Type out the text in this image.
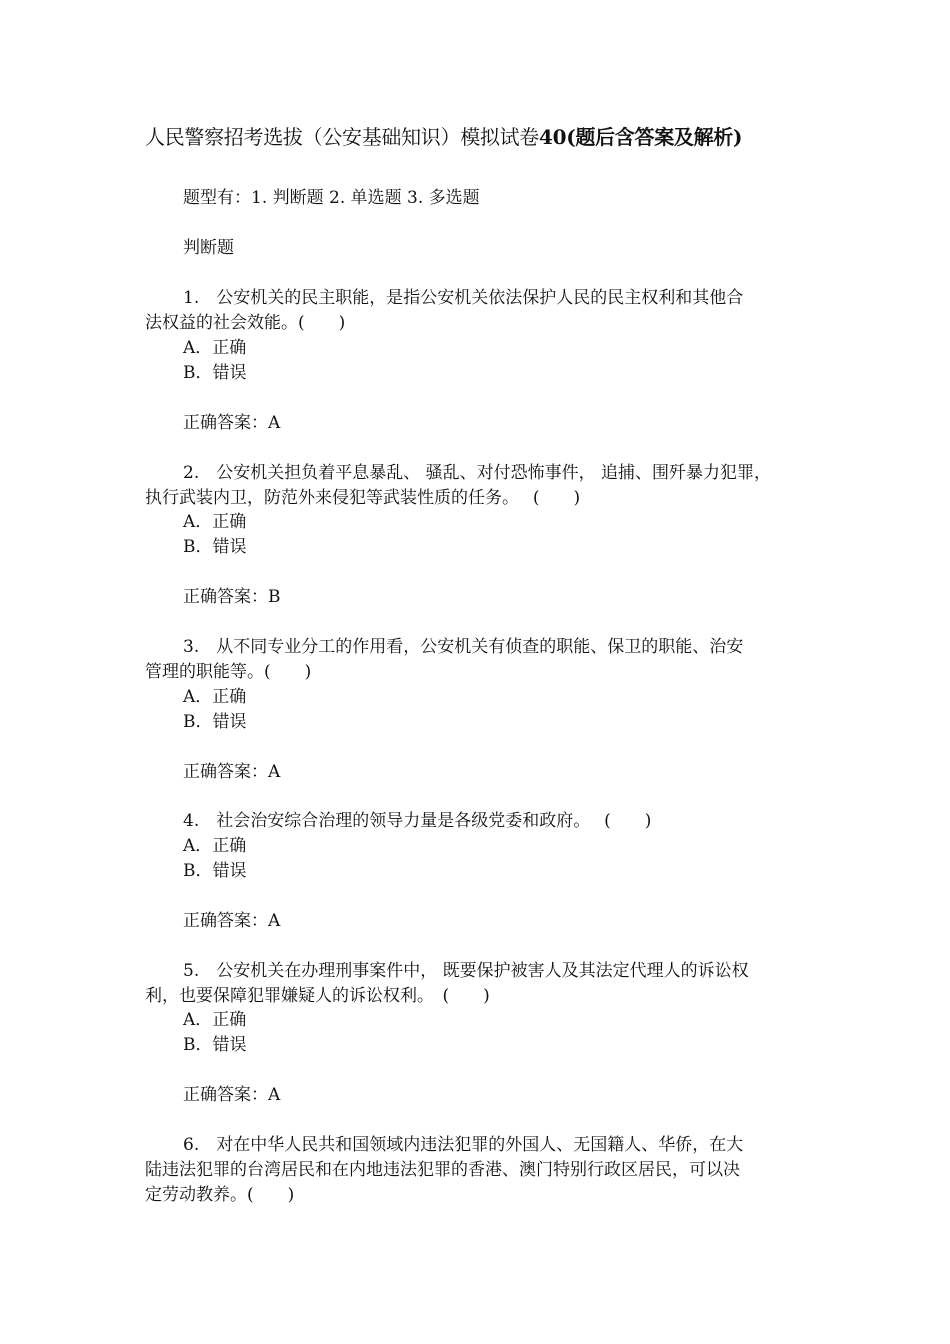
人民警察招考选拔（公安基础知识）模拟试卷40(题后含答案及解析)
题型有：1. 判断题 2. 单选题 3. 多选题
判断题
1.　公安机关的民主职能，是指公安机关依法保护人民的民主权利和其他合
法权益的社会效能。(　　)
A．正确
B．错误
正确答案：A
2.　公安机关担负着平息暴乱、 骚乱、对付恐怖事件， 追捕、围歼暴力犯罪，
执行武装内卫，防范外来侵犯等武装性质的任务。　 (　　)
A．正确
B．错误
正确答案：B
3.　从不同专业分工的作用看，公安机关有侦查的职能、保卫的职能、治安
管理的职能等。(　　)
A．正确
B．错误
正确答案：A
4.　社会治安综合治理的领导力量是各级党委和政府。　 (　　)
A．正确
B．错误
正确答案：A
5.　公安机关在办理刑事案件中， 既要保护被害人及其法定代理人的诉讼权
利，也要保障犯罪嫌疑人的诉讼权利。　(　　)
A．正确
B．错误
正确答案：A
6.　对在中华人民共和国领域内违法犯罪的外国人、无国籍人、华侨，在大
陆违法犯罪的台湾居民和在内地违法犯罪的香港、澳门特别行政区居民，可以决
定劳动教养。(　　)
